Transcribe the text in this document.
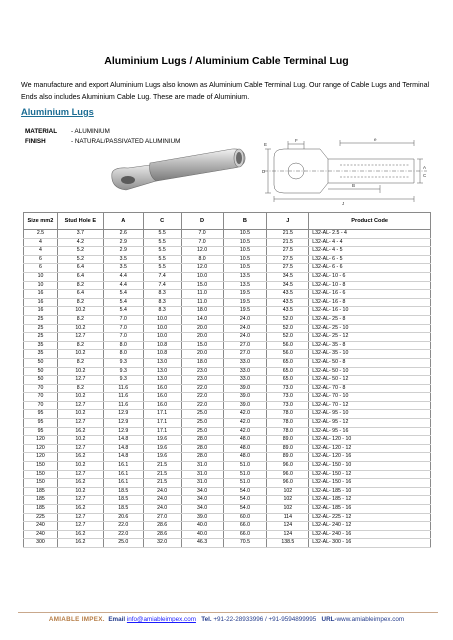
Aluminium Lugs / Aluminium Cable Terminal Lug
We manufacture and export Aluminium Lugs also known as Aluminium Cable Terminal Lug. Our range of Cable Lugs and Terminal Ends also includes Aluminium Cable Lug. These are made of Aluminium.
Aluminium Lugs
MATERIAL	- ALUMINIUM
FINISH	- NATURAL/PASSIVATED ALUMINIUM	e
F
E
D
A
C
B
J
Size mm2	Stud Hole E	A	C	D	B	J	Product Code
2.5	3.7	2.6	5.5	7.0	10.5	21.5	L32-AL- 2.5 - 4
4	4.2	2.9	5.5	7.0	10.5	21.5	L32-AL- 4 - 4
4	5.2	2.9	5.5	12.0	10.5	27.5	L32-AL- 4 - 5
6	5.2	3.5	5.5	8.0	10.5	27.5	L32-AL- 6 - 5
6	6.4	3.5	5.5	12.0	10.5	27.5	L32-AL- 6 - 6
10	6.4	4.4	7.4	10.0	13.5	34.5	L32-AL- 10 - 6
10	8.2	4.4	7.4	15.0	13.5	34.5	L32-AL- 10 - 8
16	6.4	5.4	8.3	11.0	19.5	43.5	L32-AL- 16 - 6
16	8.2	5.4	8.3	11.0	19.5	43.5	L32-AL- 16 - 8
16	10.2	5.4	8.3	18.0	19.5	43.5	L32-AL- 16 - 10
25	8.2	7.0	10.0	14.0	24.0	52.0	L32-AL- 25 - 8
25	10.2	7.0	10.0	20.0	24.0	52.0	L32-AL- 25 - 10
25	12.7	7.0	10.0	20.0	24.0	52.0	L32-AL- 25 - 12
35	8.2	8.0	10.8	15.0	27.0	56.0	L32-AL- 35 - 8
35	10.2	8.0	10.8	20.0	27.0	56.0	L32-AL- 35 - 10
50	8.2	9.3	13.0	18.0	33.0	65.0	L32-AL- 50 - 8
50	10.2	9.3	13.0	23.0	33.0	65.0	L32-AL- 50 - 10
50	12.7	9.3	13.0	23.0	33.0	65.0	L32-AL- 50 - 12
70	8.2	11.6	16.0	22.0	39.0	73.0	L32-AL- 70 - 8
70	10.2	11.6	16.0	22.0	39.0	73.0	L32-AL- 70 - 10
70	12.7	11.6	16.0	22.0	39.0	73.0	L32-AL- 70 - 12
95	10.2	12.9	17.1	25.0	42.0	78.0	L32-AL- 95 - 10
95	12.7	12.9	17.1	25.0	42.0	78.0	L32-AL- 95 - 12
95	16.2	12.9	17.1	25.0	42.0	78.0	L32-AL- 95 - 16
120	10.2	14.8	19.6	28.0	48.0	89.0	L32-AL- 120 - 10
120	12.7	14.8	19.6	28.0	48.0	89.0	L32-AL- 120 - 12
120	16.2	14.8	19.6	28.0	48.0	89.0	L32-AL- 120 - 16
150	10.2	16.1	21.5	31.0	51.0	96.0	L32-AL- 150 - 10
150	12.7	16.1	21.5	31.0	51.0	96.0	L32-AL- 150 - 12
150	16.2	16.1	21.5	31.0	51.0	96.0	L32-AL- 150 - 16
185	10.2	18.5	24.0	34.0	54.0	102	L32-AL- 185 - 10
185	12.7	18.5	24.0	34.0	54.0	102	L32-AL- 185 - 12
185	16.2	18.5	24.0	34.0	54.0	102	L32-AL- 185 - 16
225	12.7	20.6	27.0	39.0	60.0	114	L32-AL- 225 - 12
240	12.7	22.0	28.6	40.0	66.0	124	L32-AL- 240 - 12
240	16.2	22.0	28.6	40.0	66.0	124	L32-AL- 240 - 16
300	16.2	25.0	32.0	46.3	70.5	138.5	L32-AL- 300 - 16
AMIABLE IMPEX. Email info@amiableimpex.com Tel. +91-22-28933996 / +91-9594899995 URL-www.amiableimpex.com
